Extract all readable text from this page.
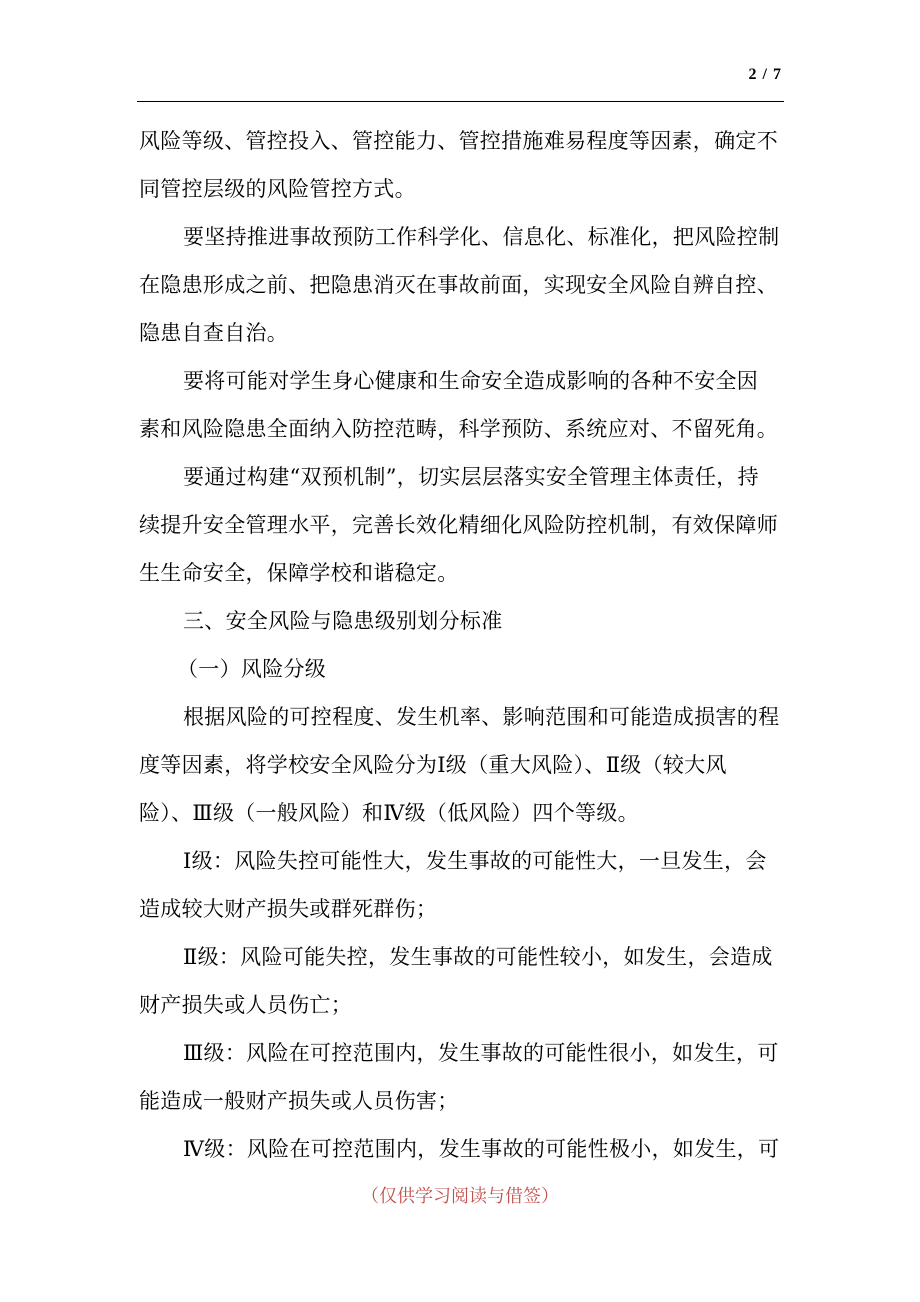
2 / 7
风险等级、管控投入、管控能力、管控措施难易程度等因素，确定不
同管控层级的风险管控方式。
要坚持推进事故预防工作科学化、信息化、标准化，把风险控制
在隐患形成之前、把隐患消灭在事故前面，实现安全风险自辨自控、
隐患自查自治。
要将可能对学生身心健康和生命安全造成影响的各种不安全因
素和风险隐患全面纳入防控范畴，科学预防、系统应对、不留死角。
要通过构建“双预机制”，切实层层落实安全管理主体责任，持
续提升安全管理水平，完善长效化精细化风险防控机制，有效保障师
生生命安全，保障学校和谐稳定。
三、安全风险与隐患级别划分标准
（一）风险分级
根据风险的可控程度、发生机率、影响范围和可能造成损害的程
度等因素，将学校安全风险分为Ⅰ级（重大风险）、Ⅱ级（较大风
险）、Ⅲ级（一般风险）和Ⅳ级（低风险）四个等级。
Ⅰ级：风险失控可能性大，发生事故的可能性大，一旦发生，会
造成较大财产损失或群死群伤；
Ⅱ级：风险可能失控，发生事故的可能性较小，如发生，会造成
财产损失或人员伤亡；
Ⅲ级：风险在可控范围内，发生事故的可能性很小，如发生，可
能造成一般财产损失或人员伤害；
Ⅳ级：风险在可控范围内，发生事故的可能性极小，如发生，可
（仅供学习阅读与借签）
